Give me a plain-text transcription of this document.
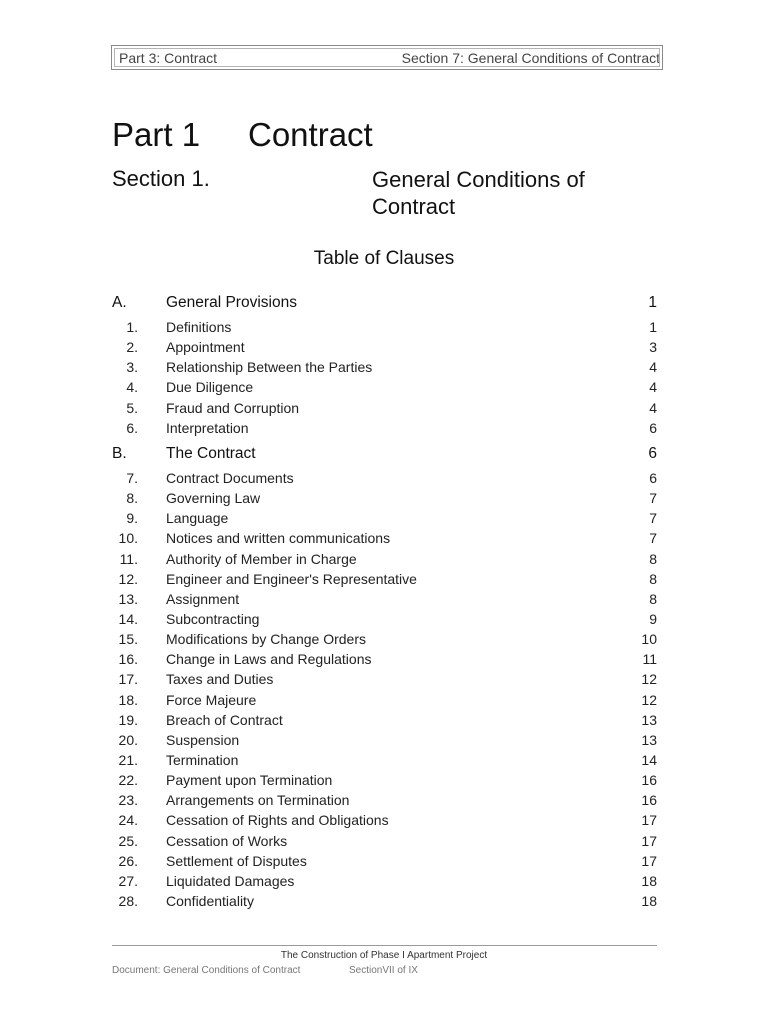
Part 3: Contract	Section 7: General Conditions of Contract
Part 1 Contract
Section 1.	General Conditions of Contract
Table of Clauses
A.	General Provisions	1
1. Definitions	1
2. Appointment	3
3. Relationship Between the Parties	4
4. Due Diligence	4
5. Fraud and Corruption	4
6. Interpretation	6
B.	The Contract	6
7. Contract Documents	6
8. Governing Law	7
9. Language	7
10. Notices and written communications	7
11. Authority of Member in Charge	8
12. Engineer and Engineer's Representative	8
13. Assignment	8
14. Subcontracting	9
15. Modifications by Change Orders	10
16. Change in Laws and Regulations	11
17. Taxes and Duties	12
18. Force Majeure	12
19. Breach of Contract	13
20. Suspension	13
21. Termination	14
22. Payment upon Termination	16
23. Arrangements on Termination	16
24. Cessation of Rights and Obligations	17
25. Cessation of Works	17
26. Settlement of Disputes	17
27. Liquidated Damages	18
28. Confidentiality	18
The Construction of Phase I Apartment Project
Document: General Conditions of Contract	SectionVII of IX
